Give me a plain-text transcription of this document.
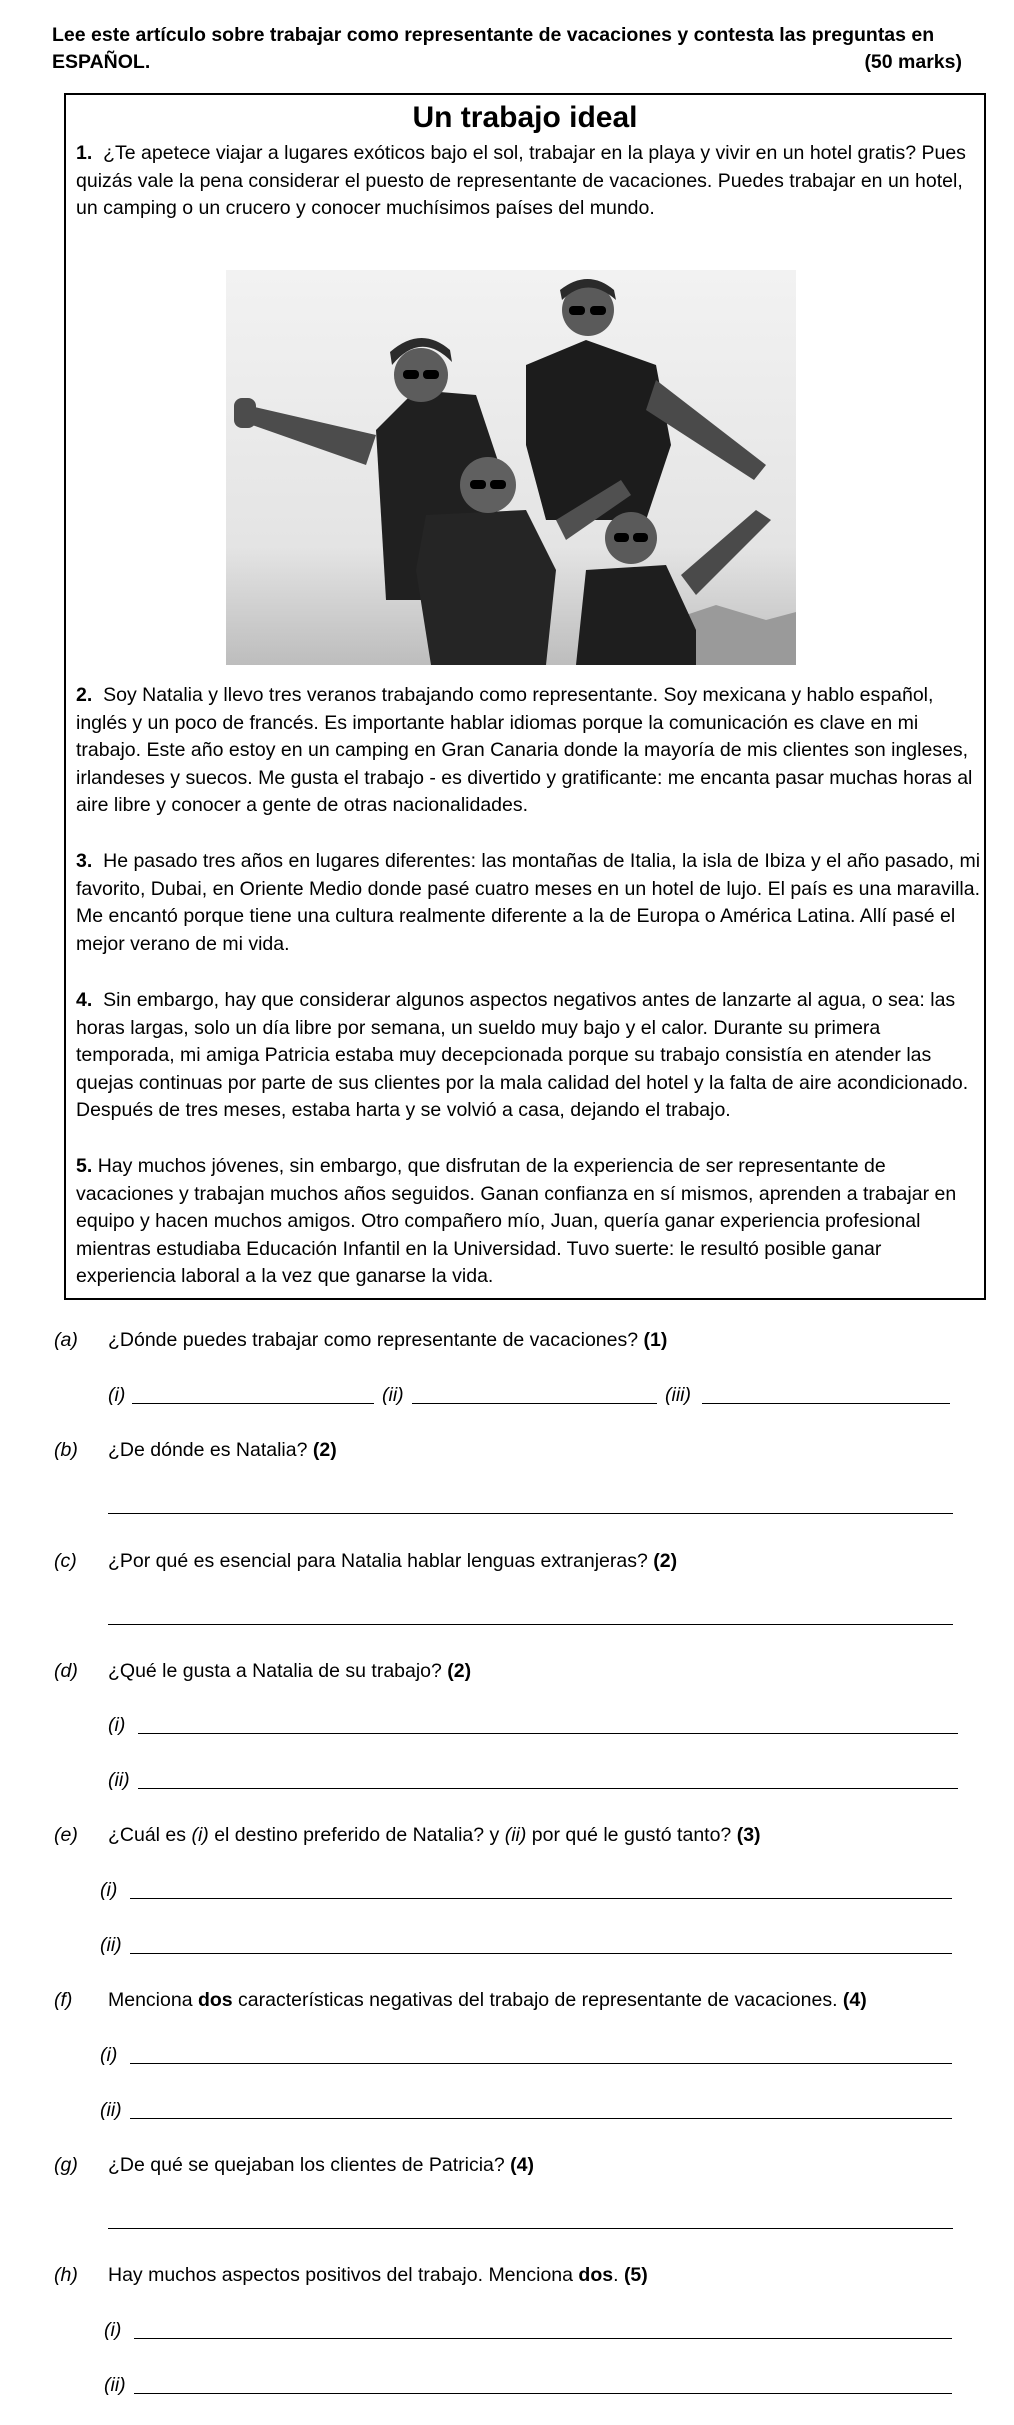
Lee este artículo sobre trabajar como representante de vacaciones y contesta las preguntas en ESPAÑOL.	(50 marks)
Un trabajo ideal
1. ¿Te apetece viajar a lugares exóticos bajo el sol, trabajar en la playa y vivir en un hotel gratis? Pues quizás vale la pena considerar el puesto de representante de vacaciones. Puedes trabajar en un hotel, un camping o un crucero y conocer muchísimos países del mundo.
2. Soy Natalia y llevo tres veranos trabajando como representante. Soy mexicana y hablo español, inglés y un poco de francés. Es importante hablar idiomas porque la comunicación es clave en mi trabajo. Este año estoy en un camping en Gran Canaria donde la mayoría de mis clientes son ingleses, irlandeses y suecos. Me gusta el trabajo - es divertido y gratificante: me encanta pasar muchas horas al aire libre y conocer a gente de otras nacionalidades.
3. He pasado tres años en lugares diferentes: las montañas de Italia, la isla de Ibiza y el año pasado, mi favorito, Dubai, en Oriente Medio donde pasé cuatro meses en un hotel de lujo. El país es una maravilla. Me encantó porque tiene una cultura realmente diferente a la de Europa o América Latina. Allí pasé el mejor verano de mi vida.
4. Sin embargo, hay que considerar algunos aspectos negativos antes de lanzarte al agua, o sea: las horas largas, solo un día libre por semana, un sueldo muy bajo y el calor. Durante su primera temporada, mi amiga Patricia estaba muy decepcionada porque su trabajo consistía en atender las quejas continuas por parte de sus clientes por la mala calidad del hotel y la falta de aire acondicionado. Después de tres meses, estaba harta y se volvió a casa, dejando el trabajo.
5. Hay muchos jóvenes, sin embargo, que disfrutan de la experiencia de ser representante de vacaciones y trabajan muchos años seguidos. Ganan confianza en sí mismos, aprenden a trabajar en equipo y hacen muchos amigos. Otro compañero mío, Juan, quería ganar experiencia profesional mientras estudiaba Educación Infantil en la Universidad. Tuvo suerte: le resultó posible ganar experiencia laboral a la vez que ganarse la vida.
(a) ¿Dónde puedes trabajar como representante de vacaciones? (1)
(i)	(ii)	(iii)
(b) ¿De dónde es Natalia? (2)
(c) ¿Por qué es esencial para Natalia hablar lenguas extranjeras? (2)
(d) ¿Qué le gusta a Natalia de su trabajo? (2)
(i)
(ii)
(e) ¿Cuál es (i) el destino preferido de Natalia? y (ii) por qué le gustó tanto? (3)
(i)
(ii)
(f) Menciona dos características negativas del trabajo de representante de vacaciones. (4)
(i)
(ii)
(g) ¿De qué se quejaban los clientes de Patricia? (4)
(h) Hay muchos aspectos positivos del trabajo. Menciona dos. (5)
(i)
(ii)
